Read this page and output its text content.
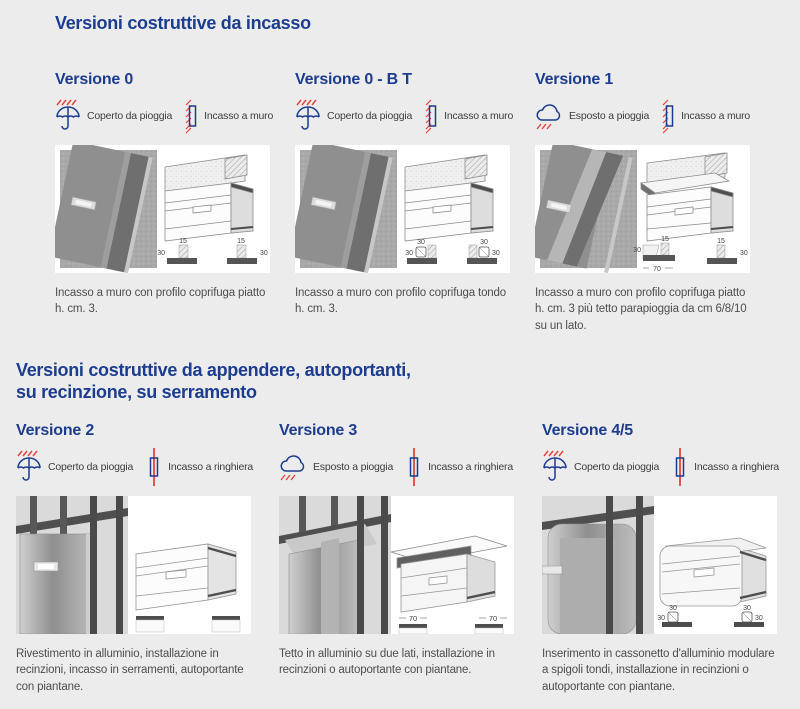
Versioni costruttive da incasso
Versione 0
Coperto da pioggia	Incasso a muro
15
30
15
30
Incasso a muro con profilo coprifuga piatto h. cm. 3.
Versione 0 - B T
Coperto da pioggia	Incasso a muro
30
30
30
30
Incasso a muro con profilo coprifuga tondo h. cm. 3.
Versione 1
Esposto a pioggia	Incasso a muro
15
30
70
15
30
Incasso a muro con profilo coprifuga piatto h. cm. 3 più tetto parapioggia da cm 6/8/10 su un lato.
Versioni costruttive da appendere, autoportanti,
su recinzione, su serramento
Versione 2
Coperto da pioggia	Incasso a ringhiera
Rivestimento in alluminio, installazione in recinzioni, incasso in serramenti, autoportante con piantane.
Versione 3
Esposto a pioggia	Incasso a ringhiera
70	70
Tetto in alluminio su due lati, installazione in recinzioni o autoportante con piantane.
Versione 4/5
Coperto da pioggia	Incasso a ringhiera
30
30
30
30
Inserimento in cassonetto d'alluminio modulare a spigoli tondi, installazione in recinzioni o autoportante con piantane.
